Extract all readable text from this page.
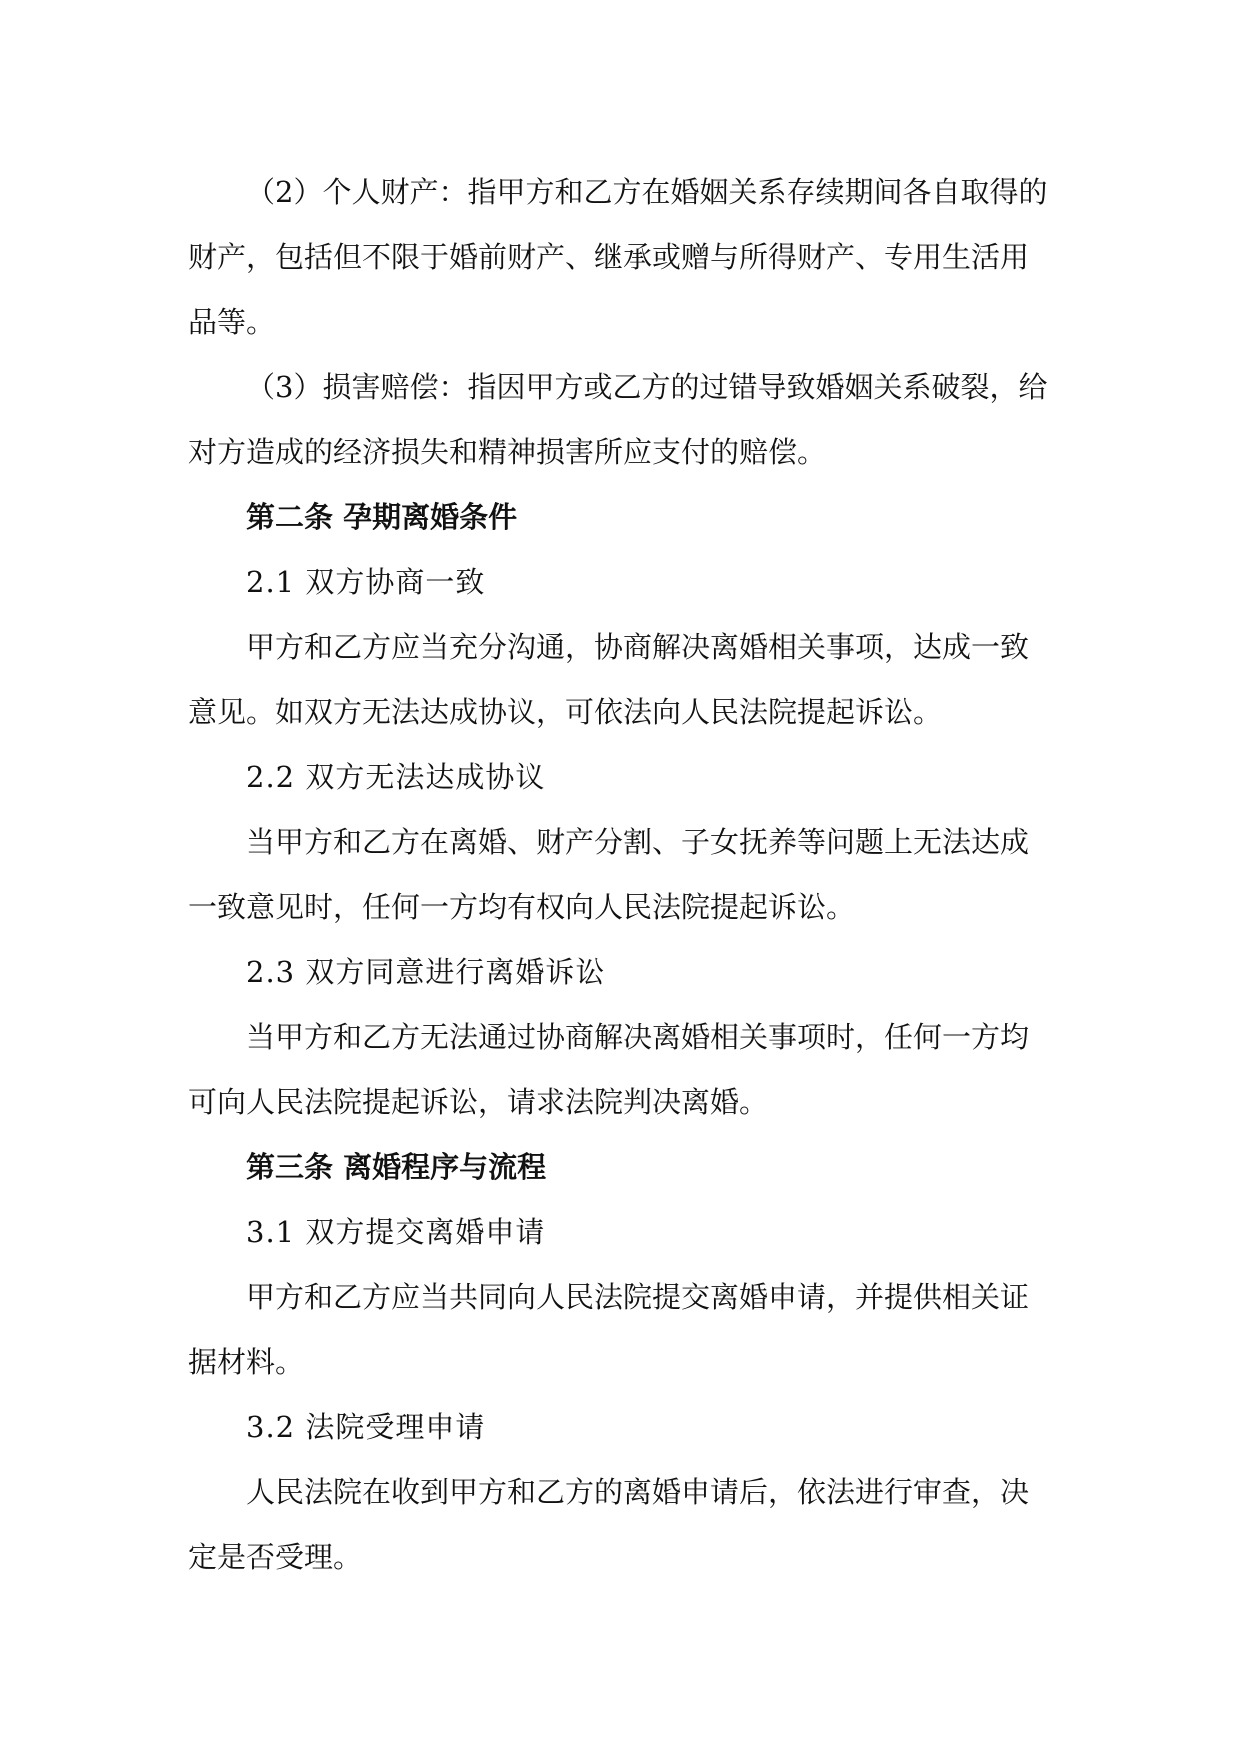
（2）个人财产：指甲方和乙方在婚姻关系存续期间各自取得的财产，包括但不限于婚前财产、继承或赠与所得财产、专用生活用品等。

（3）损害赔偿：指因甲方或乙方的过错导致婚姻关系破裂，给对方造成的经济损失和精神损害所应支付的赔偿。

第二条 孕期离婚条件

2.1 双方协商一致

甲方和乙方应当充分沟通，协商解决离婚相关事项，达成一致意见。如双方无法达成协议，可依法向人民法院提起诉讼。

2.2 双方无法达成协议

当甲方和乙方在离婚、财产分割、子女抚养等问题上无法达成一致意见时，任何一方均有权向人民法院提起诉讼。

2.3 双方同意进行离婚诉讼

当甲方和乙方无法通过协商解决离婚相关事项时，任何一方均可向人民法院提起诉讼，请求法院判决离婚。

第三条 离婚程序与流程

3.1 双方提交离婚申请

甲方和乙方应当共同向人民法院提交离婚申请，并提供相关证据材料。

3.2 法院受理申请

人民法院在收到甲方和乙方的离婚申请后，依法进行审查，决定是否受理。
